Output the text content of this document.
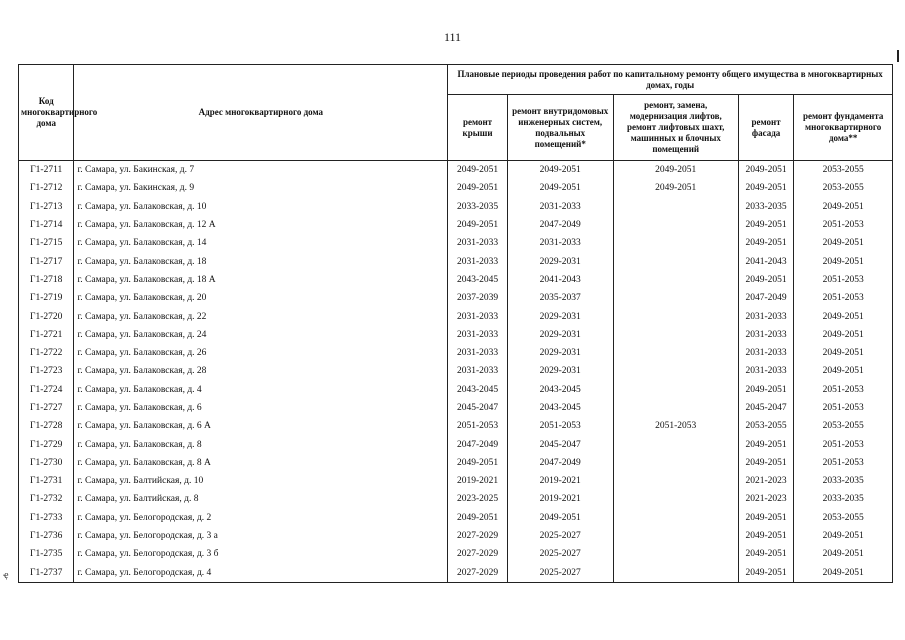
111
ҿ
Код многоквартирного дома	Адрес многоквартирного дома	Плановые периоды проведения работ по капитальному ремонту общего имущества в многоквартирных домах, годы				
		ремонт крыши	ремонт внутридомовых инженерных систем, подвальных помещений*	ремонт, замена, модернизация лифтов, ремонт лифтовых шахт, машинных и блочных помещений	ремонт фасада	ремонт фундамента многоквартирного дома**
Г1-2711	г. Самара, ул. Бакинская, д. 7	2049-2051	2049-2051	2049-2051	2049-2051	2053-2055
Г1-2712	г. Самара, ул. Бакинская, д. 9	2049-2051	2049-2051	2049-2051	2049-2051	2053-2055
Г1-2713	г. Самара, ул. Балаковская, д. 10	2033-2035	2031-2033		2033-2035	2049-2051
Г1-2714	г. Самара, ул. Балаковская, д. 12 А	2049-2051	2047-2049		2049-2051	2051-2053
Г1-2715	г. Самара, ул. Балаковская, д. 14	2031-2033	2031-2033		2049-2051	2049-2051
Г1-2717	г. Самара, ул. Балаковская, д. 18	2031-2033	2029-2031		2041-2043	2049-2051
Г1-2718	г. Самара, ул. Балаковская, д. 18 А	2043-2045	2041-2043		2049-2051	2051-2053
Г1-2719	г. Самара, ул. Балаковская, д. 20	2037-2039	2035-2037		2047-2049	2051-2053
Г1-2720	г. Самара, ул. Балаковская, д. 22	2031-2033	2029-2031		2031-2033	2049-2051
Г1-2721	г. Самара, ул. Балаковская, д. 24	2031-2033	2029-2031		2031-2033	2049-2051
Г1-2722	г. Самара, ул. Балаковская, д. 26	2031-2033	2029-2031		2031-2033	2049-2051
Г1-2723	г. Самара, ул. Балаковская, д. 28	2031-2033	2029-2031		2031-2033	2049-2051
Г1-2724	г. Самара, ул. Балаковская, д. 4	2043-2045	2043-2045		2049-2051	2051-2053
Г1-2727	г. Самара, ул. Балаковская, д. 6	2045-2047	2043-2045		2045-2047	2051-2053
Г1-2728	г. Самара, ул. Балаковская, д. 6 А	2051-2053	2051-2053	2051-2053	2053-2055	2053-2055
Г1-2729	г. Самара, ул. Балаковская, д. 8	2047-2049	2045-2047		2049-2051	2051-2053
Г1-2730	г. Самара, ул. Балаковская, д. 8 А	2049-2051	2047-2049		2049-2051	2051-2053
Г1-2731	г. Самара, ул. Балтийская, д. 10	2019-2021	2019-2021		2021-2023	2033-2035
Г1-2732	г. Самара, ул. Балтийская, д. 8	2023-2025	2019-2021		2021-2023	2033-2035
Г1-2733	г. Самара, ул. Белогородская, д. 2	2049-2051	2049-2051		2049-2051	2053-2055
Г1-2736	г. Самара, ул. Белогородская, д. 3 а	2027-2029	2025-2027		2049-2051	2049-2051
Г1-2735	г. Самара, ул. Белогородская, д. 3 б	2027-2029	2025-2027		2049-2051	2049-2051
Г1-2737	г. Самара, ул. Белогородская, д. 4	2027-2029	2025-2027		2049-2051	2049-2051
